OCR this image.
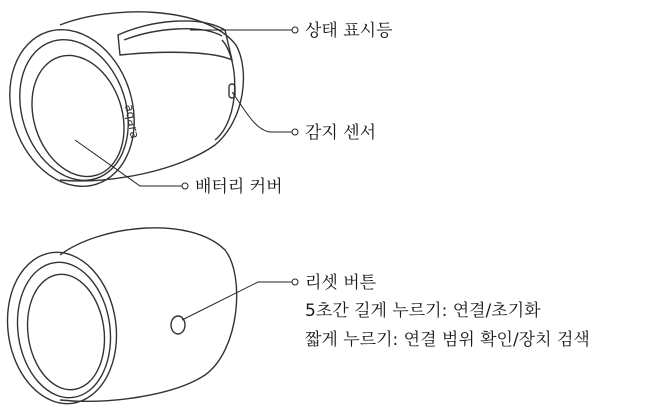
aqara
상태 표시등
감지 센서
배터리 커버
리셋 버튼
5초간 길게 누르기: 연결/초기화
짧게 누르기: 연결 범위 확인/장치 검색
